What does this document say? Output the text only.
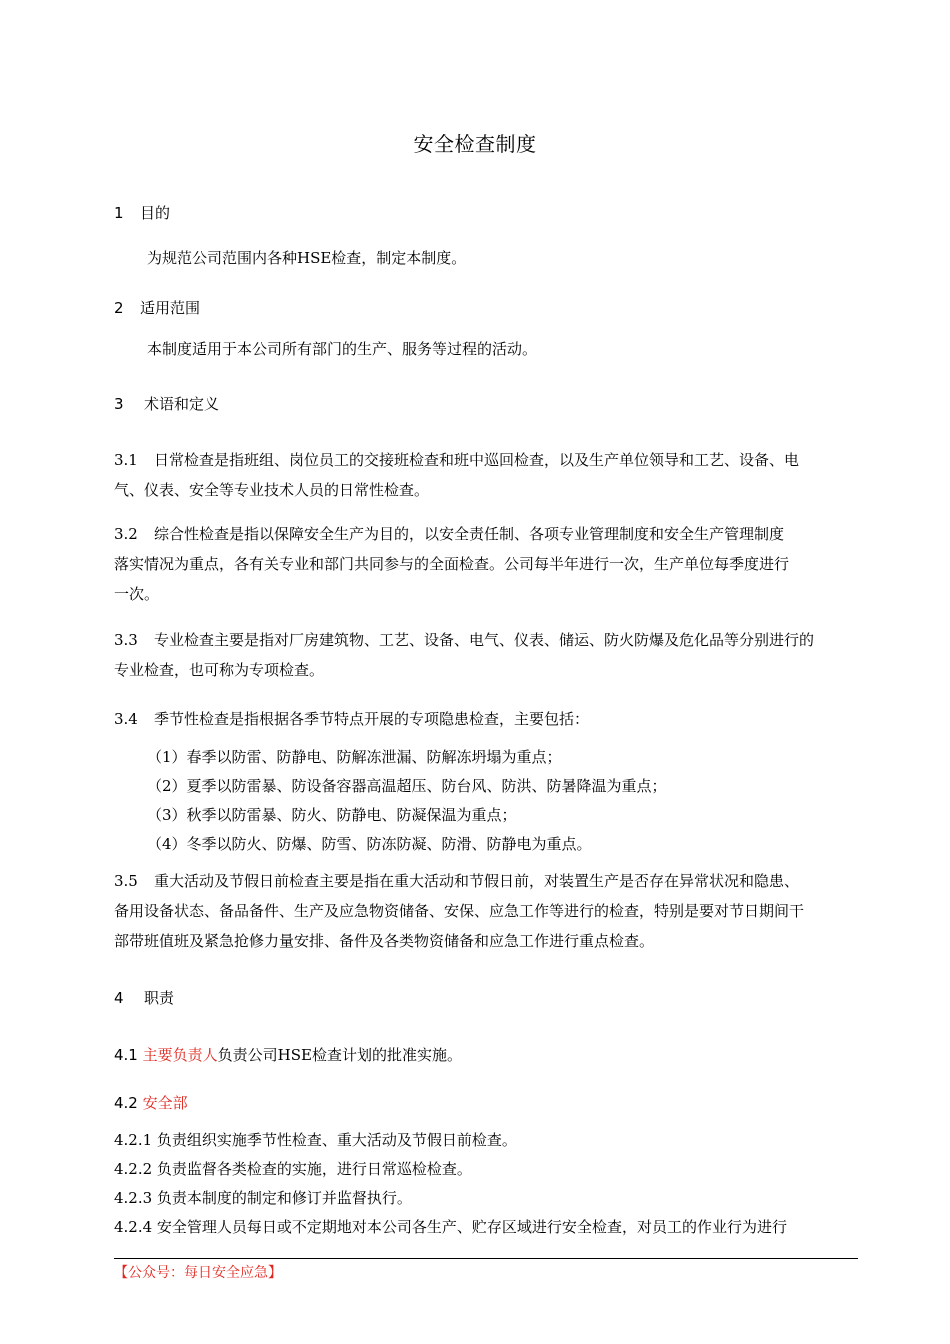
安全检查制度
1 目的
为规范公司范围内各种HSE检查，制定本制度。
2 适用范围
本制度适用于本公司所有部门的生产、服务等过程的活动。
3 术语和定义
3.1 日常检查是指班组、岗位员工的交接班检查和班中巡回检查，以及生产单位领导和工艺、设备、电
气、仪表、安全等专业技术人员的日常性检查。
3.2 综合性检查是指以保障安全生产为目的，以安全责任制、各项专业管理制度和安全生产管理制度
落实情况为重点，各有关专业和部门共同参与的全面检查。公司每半年进行一次，生产单位每季度进行
一次。
3.3 专业检查主要是指对厂房建筑物、工艺、设备、电气、仪表、储运、防火防爆及危化品等分别进行的
专业检查，也可称为专项检查。
3.4 季节性检查是指根据各季节特点开展的专项隐患检查，主要包括：
（1）春季以防雷、防静电、防解冻泄漏、防解冻坍塌为重点；
（2）夏季以防雷暴、防设备容器高温超压、防台风、防洪、防暑降温为重点；
（3）秋季以防雷暴、防火、防静电、防凝保温为重点；
（4）冬季以防火、防爆、防雪、防冻防凝、防滑、防静电为重点。
3.5 重大活动及节假日前检查主要是指在重大活动和节假日前，对装置生产是否存在异常状况和隐患、
备用设备状态、备品备件、生产及应急物资储备、安保、应急工作等进行的检查，特别是要对节日期间干
部带班值班及紧急抢修力量安排、备件及各类物资储备和应急工作进行重点检查。
4 职责
4.1 主要负责人负责公司HSE检查计划的批准实施。
4.2 安全部
4.2.1 负责组织实施季节性检查、重大活动及节假日前检查。
4.2.2 负责监督各类检查的实施，进行日常巡检检查。
4.2.3 负责本制度的制定和修订并监督执行。
4.2.4 安全管理人员每日或不定期地对本公司各生产、贮存区域进行安全检查，对员工的作业行为进行
【公众号：每日安全应急】
